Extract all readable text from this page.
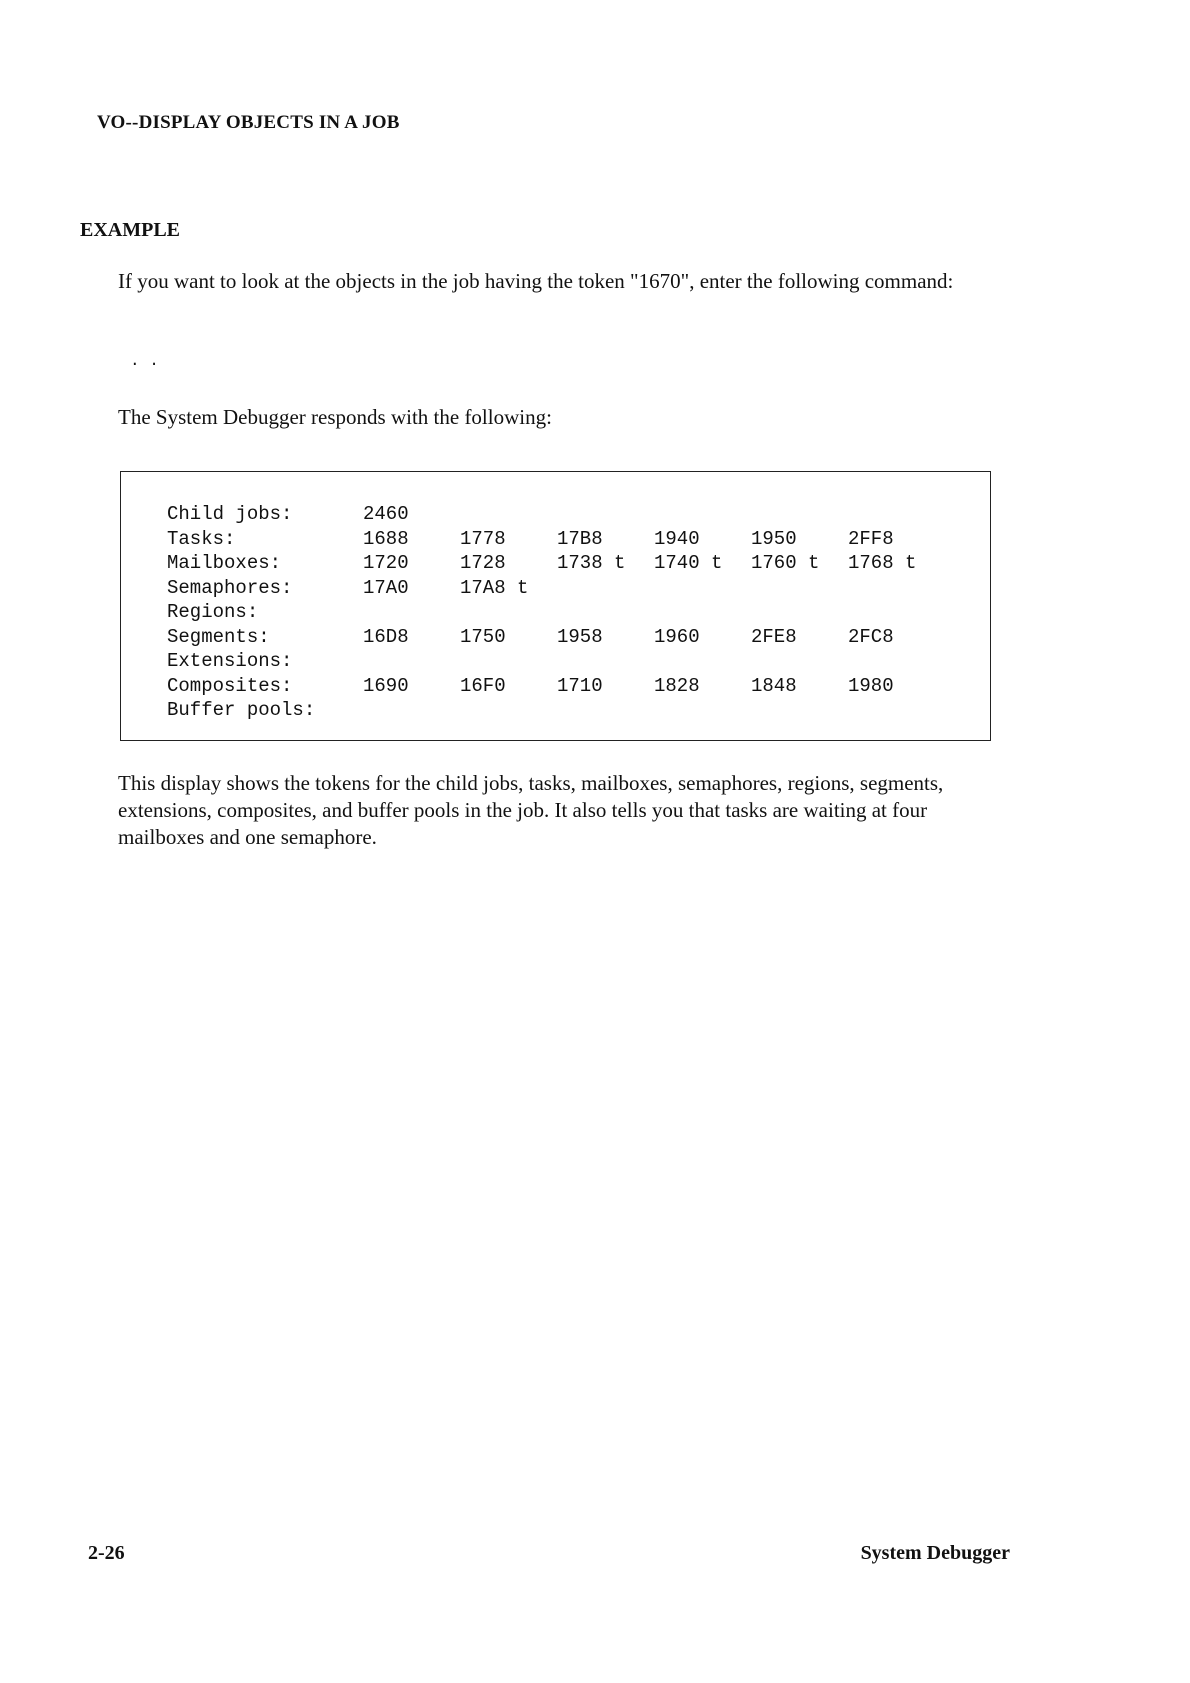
VO--DISPLAY OBJECTS IN A JOB
EXAMPLE
If you want to look at the objects in the job having the token "1670", enter the following command:
. .
The System Debugger responds with the following:
Child jobs:	2460					
Tasks:	1688	1778	17B8	1940	1950	2FF8
Mailboxes:	1720	1728	1738 t	1740 t	1760 t	1768 t
Semaphores:	17A0	17A8 t				
Regions:						
Segments:	16D8	1750	1958	1960	2FE8	2FC8
Extensions:						
Composites:	1690	16F0	1710	1828	1848	1980
Buffer pools:						
This display shows the tokens for the child jobs, tasks, mailboxes, semaphores, regions, segments, extensions, composites, and buffer pools in the job. It also tells you that tasks are waiting at four mailboxes and one semaphore.
2-26	System Debugger
